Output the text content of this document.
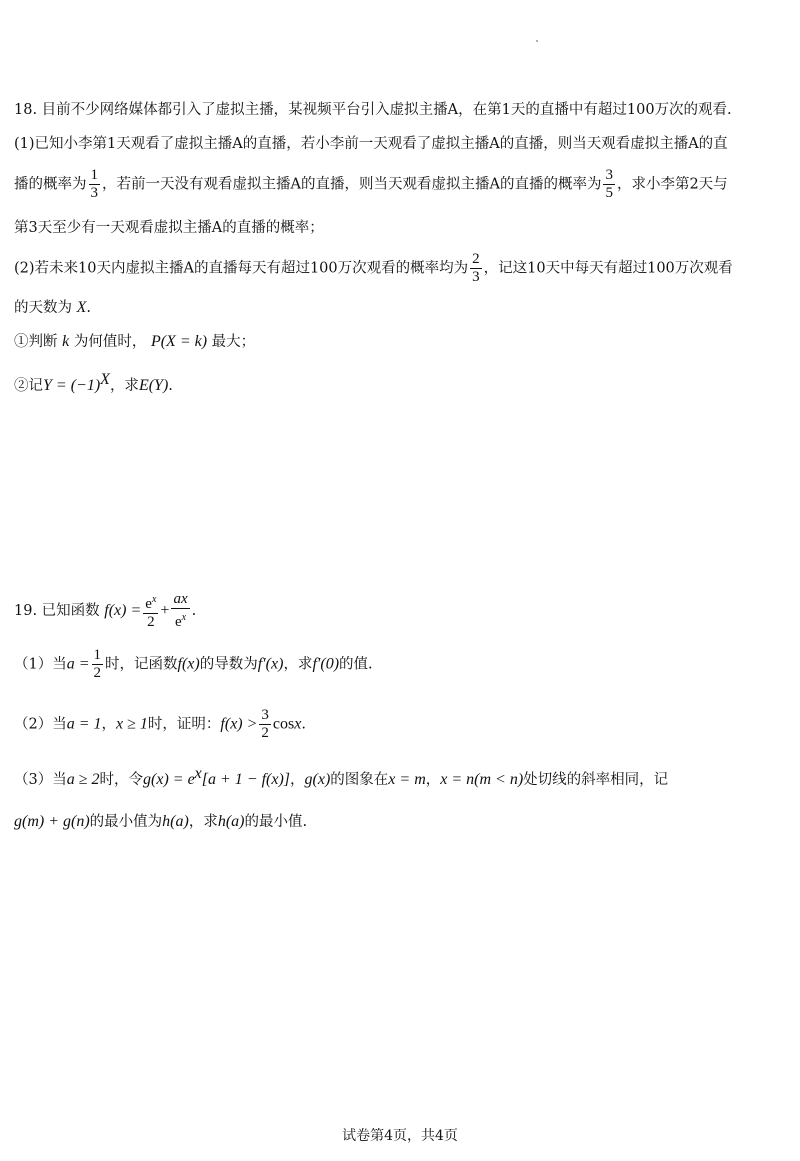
18. 目前不少网络媒体都引入了虚拟主播，某视频平台引入虚拟主播A，在第1天的直播中有超过100万次的观看.
(1)已知小李第1天观看了虚拟主播A的直播，若小李前一天观看了虚拟主播A的直播，则当天观看虚拟主播A的直
播的概率为 $\frac{1}{3}$ ，若前一天没有观看虚拟主播A的直播，则当天观看虚拟主播A的直播的概率为 $\frac{3}{5}$ ，求小李第2天与
第3天至少有一天观看虚拟主播A的直播的概率；
(2)若未来10天内虚拟主播A的直播每天有超过100万次观看的概率均为 $\frac{2}{3}$ ，记这10天中每天有超过100万次观看
的天数为 X.
①判断 k 为何值时， P(X = k) 最大；
②记$Y = (-1)^X$，求E(Y).
19. 已知函数 $f(x) = \frac{e^x}{2} + \frac{ax}{e^x}$ .
（1）当$a = \frac{1}{2}$ 时，记函数f(x)的导数为f′(x)，求f′(0)的值.
（2）当a = 1，x ≥ 1时，证明：$f(x) > \frac{3}{2} \cos x$.
（3）当a ≥ 2时，令$g(x) = e^x[a + 1 - f(x)]$，g(x)的图象在x = m，x = n(m < n)处切线的斜率相同，记
g(m) + g(n)的最小值为h(a)，求h(a)的最小值.
试卷第4页，共4页
